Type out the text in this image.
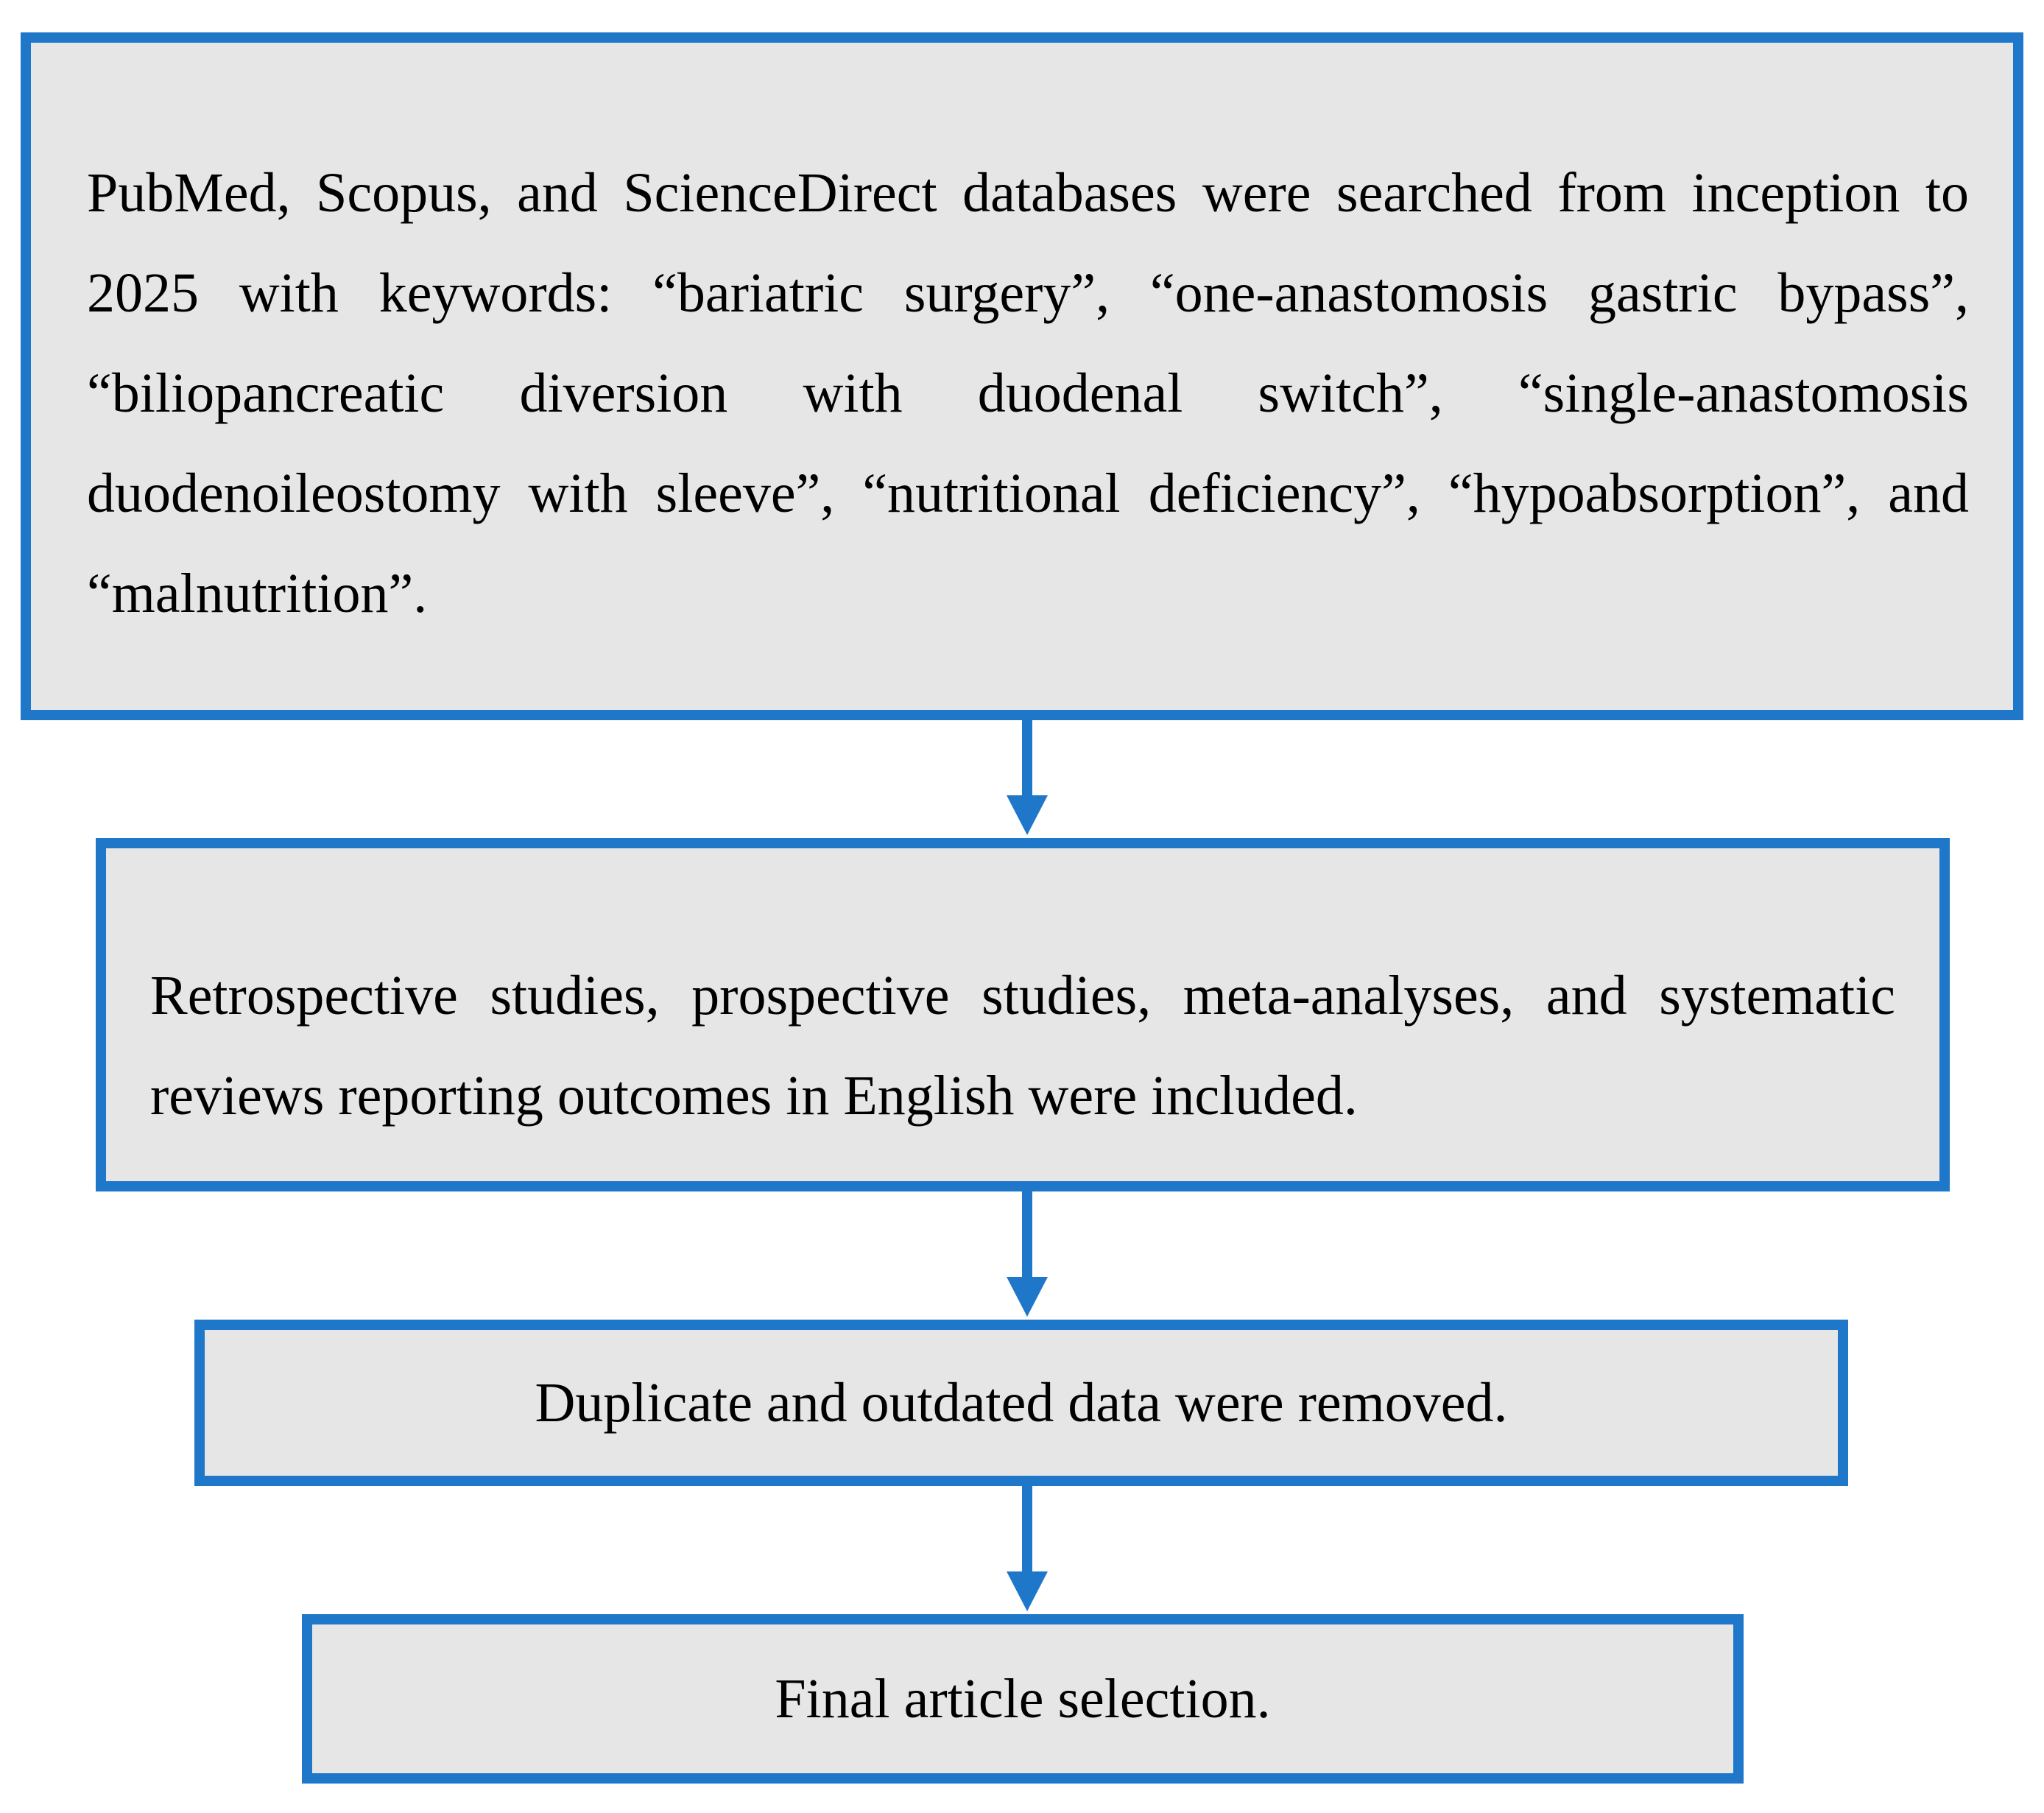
PubMed, Scopus, and ScienceDirect databases were searched from inception to 2025 with keywords: “bariatric surgery”, “one-anastomosis gastric bypass”, “biliopancreatic diversion with duodenal switch”, “single-anastomosis duodenoileostomy with sleeve”, “nutritional deficiency”, “hypoabsorption”, and “malnutrition”.

Retrospective studies, prospective studies, meta-analyses, and systematic reviews reporting outcomes in English were included.

Duplicate and outdated data were removed.

Final article selection.
